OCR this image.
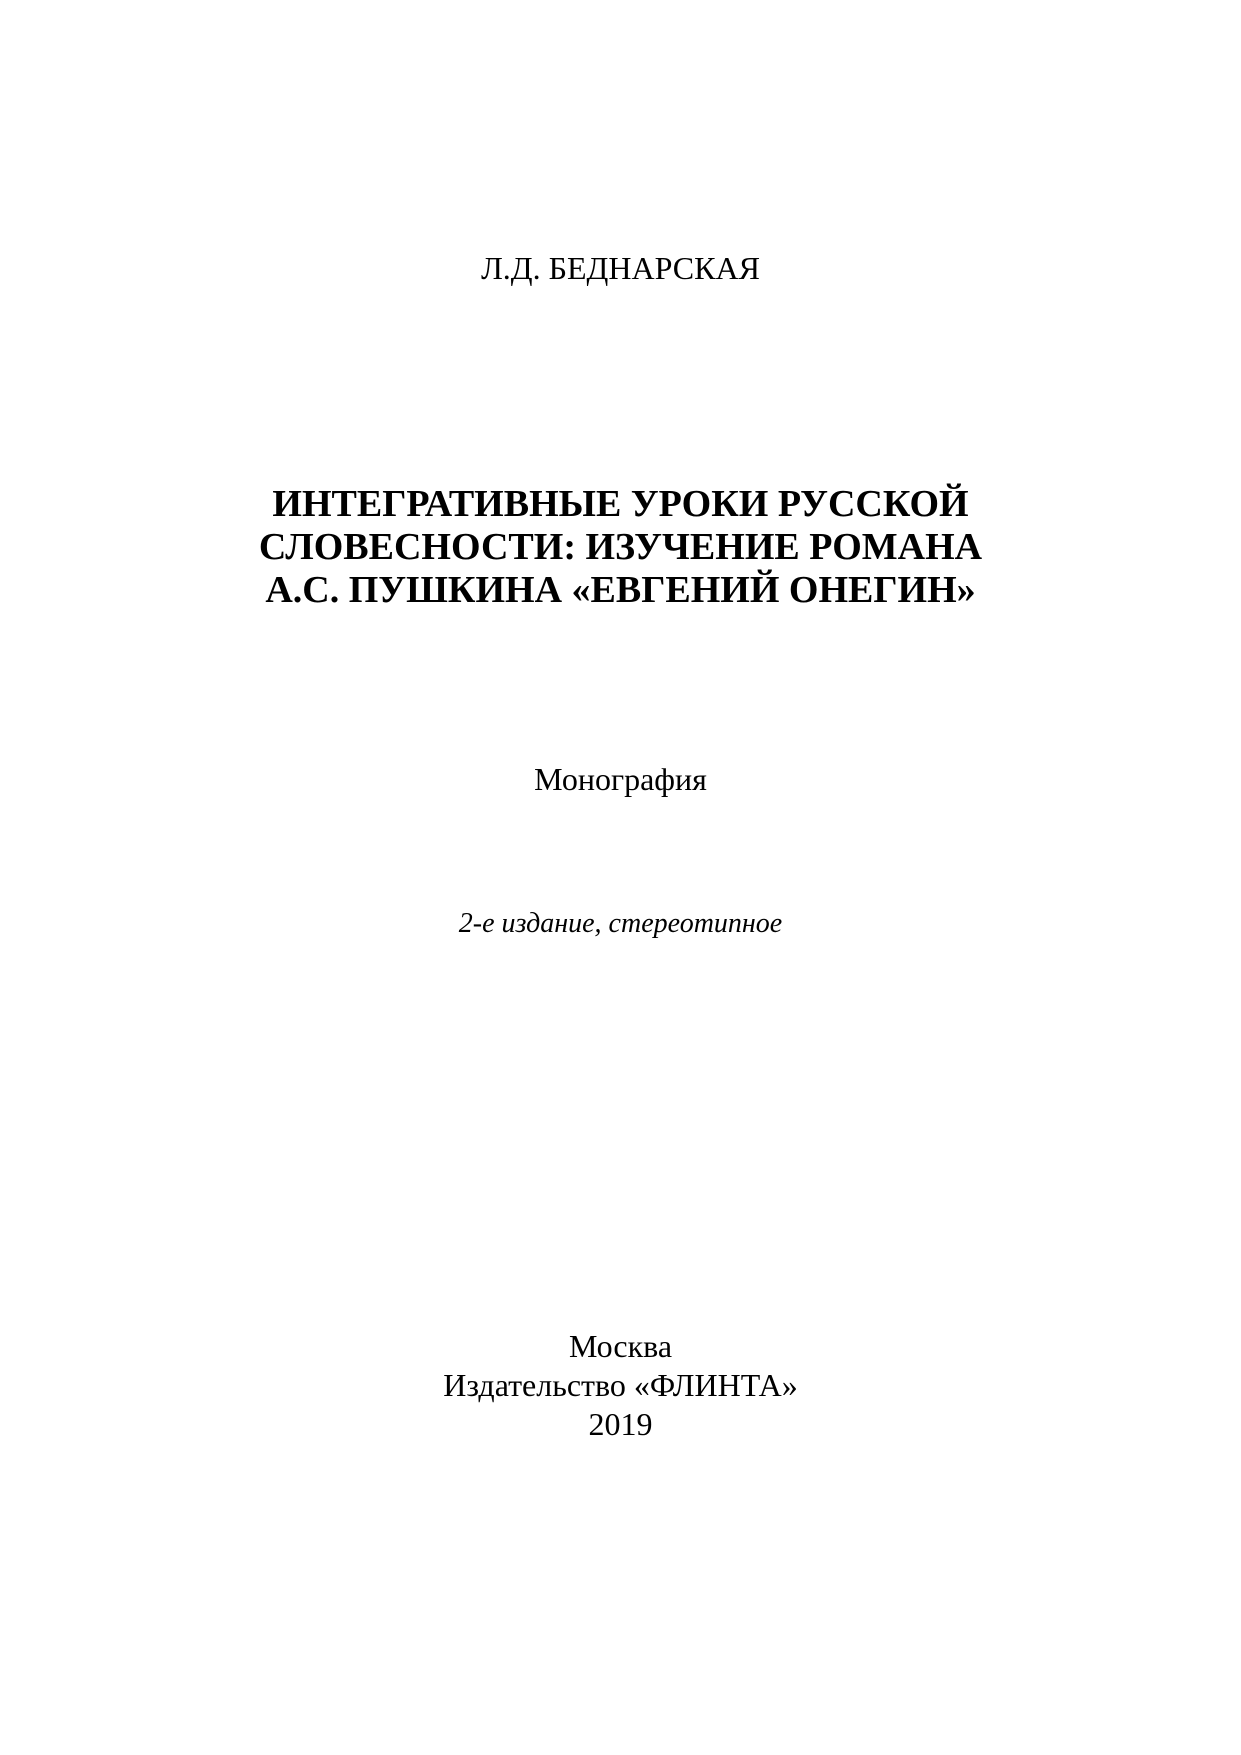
Л.Д. БЕДНАРСКАЯ
ИНТЕГРАТИВНЫЕ УРОКИ РУССКОЙ
СЛОВЕСНОСТИ: ИЗУЧЕНИЕ РОМАНА
А.С. ПУШКИНА «ЕВГЕНИЙ ОНЕГИН»
Монография
2-е издание, стереотипное
Москва
Издательство «ФЛИНТА»
2019
